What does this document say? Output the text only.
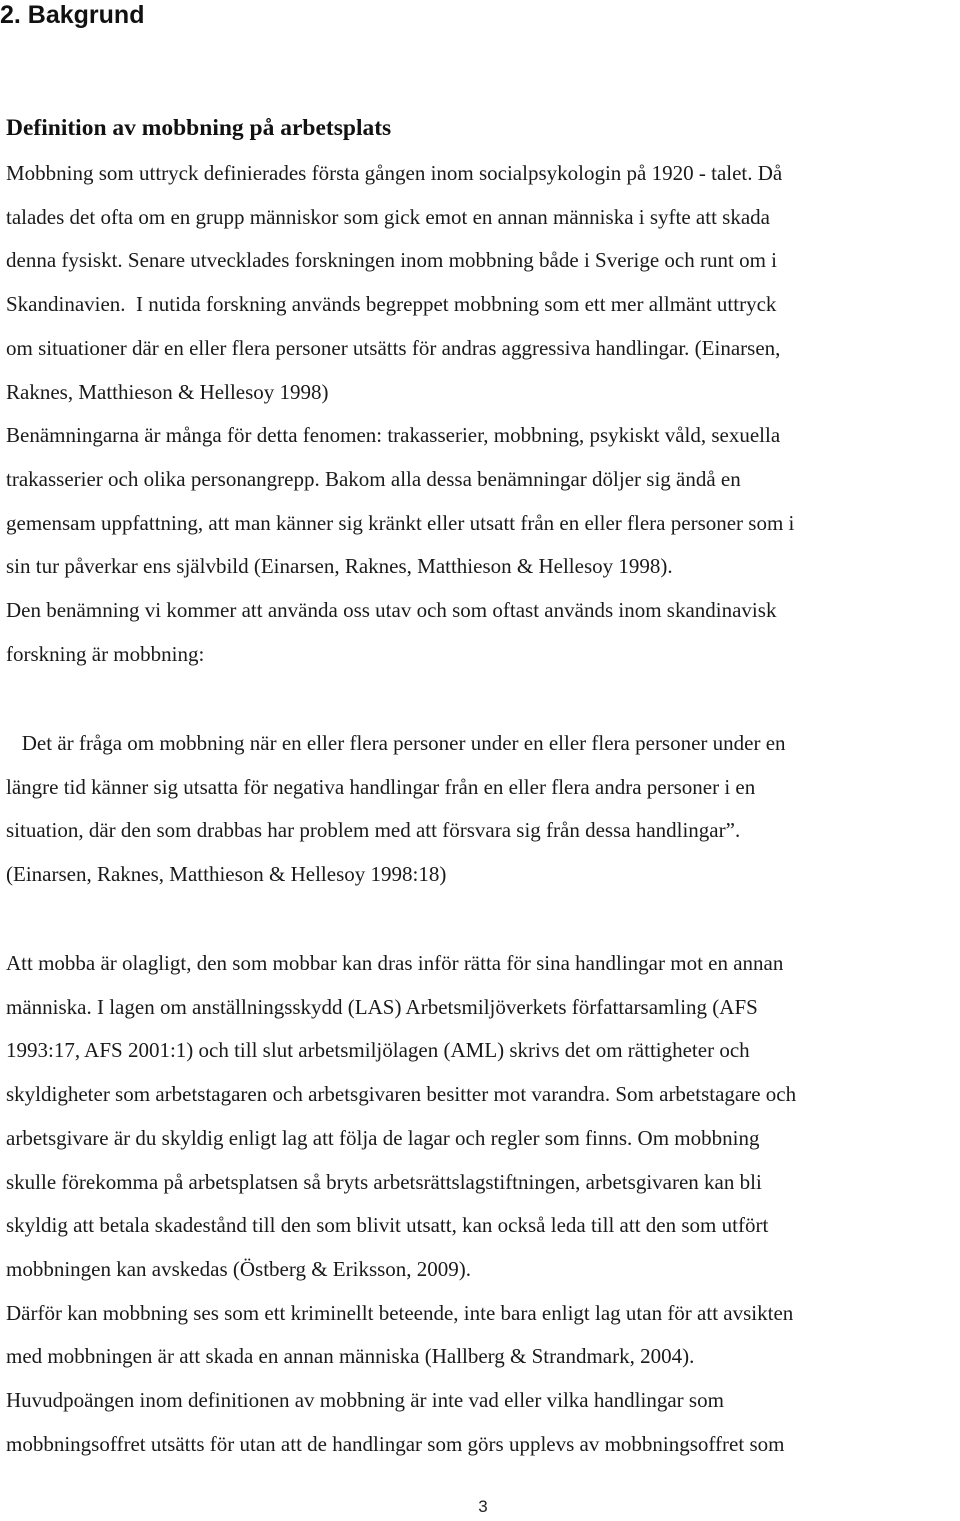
2. Bakgrund
Definition av mobbning på arbetsplats
Mobbning som uttryck definierades första gången inom socialpsykologin på 1920 - talet. Då
talades det ofta om en grupp människor som gick emot en annan människa i syfte att skada
denna fysiskt. Senare utvecklades forskningen inom mobbning både i Sverige och runt om i
Skandinavien.  I nutida forskning används begreppet mobbning som ett mer allmänt uttryck
om situationer där en eller flera personer utsätts för andras aggressiva handlingar. (Einarsen,
Raknes, Matthieson & Hellesoy 1998)
Benämningarna är många för detta fenomen: trakasserier, mobbning, psykiskt våld, sexuella
trakasserier och olika personangrepp. Bakom alla dessa benämningar döljer sig ändå en
gemensam uppfattning, att man känner sig kränkt eller utsatt från en eller flera personer som i
sin tur påverkar ens självbild (Einarsen, Raknes, Matthieson & Hellesoy 1998).
Den benämning vi kommer att använda oss utav och som oftast används inom skandinavisk
forskning är mobbning:
Det är fråga om mobbning när en eller flera personer under en eller flera personer under en
längre tid känner sig utsatta för negativa handlingar från en eller flera andra personer i en
situation, där den som drabbas har problem med att försvara sig från dessa handlingar”.
(Einarsen, Raknes, Matthieson & Hellesoy 1998:18)
Att mobba är olagligt, den som mobbar kan dras inför rätta för sina handlingar mot en annan
människa. I lagen om anställningsskydd (LAS) Arbetsmiljöverkets författarsamling (AFS
1993:17, AFS 2001:1) och till slut arbetsmiljölagen (AML) skrivs det om rättigheter och
skyldigheter som arbetstagaren och arbetsgivaren besitter mot varandra. Som arbetstagare och
arbetsgivare är du skyldig enligt lag att följa de lagar och regler som finns. Om mobbning
skulle förekomma på arbetsplatsen så bryts arbetsrättslagstiftningen, arbetsgivaren kan bli
skyldig att betala skadestånd till den som blivit utsatt, kan också leda till att den som utfört
mobbningen kan avskedas (Östberg & Eriksson, 2009).
Därför kan mobbning ses som ett kriminellt beteende, inte bara enligt lag utan för att avsikten
med mobbningen är att skada en annan människa (Hallberg & Strandmark, 2004).
Huvudpoängen inom definitionen av mobbning är inte vad eller vilka handlingar som
mobbningsoffret utsätts för utan att de handlingar som görs upplevs av mobbningsoffret som
3
